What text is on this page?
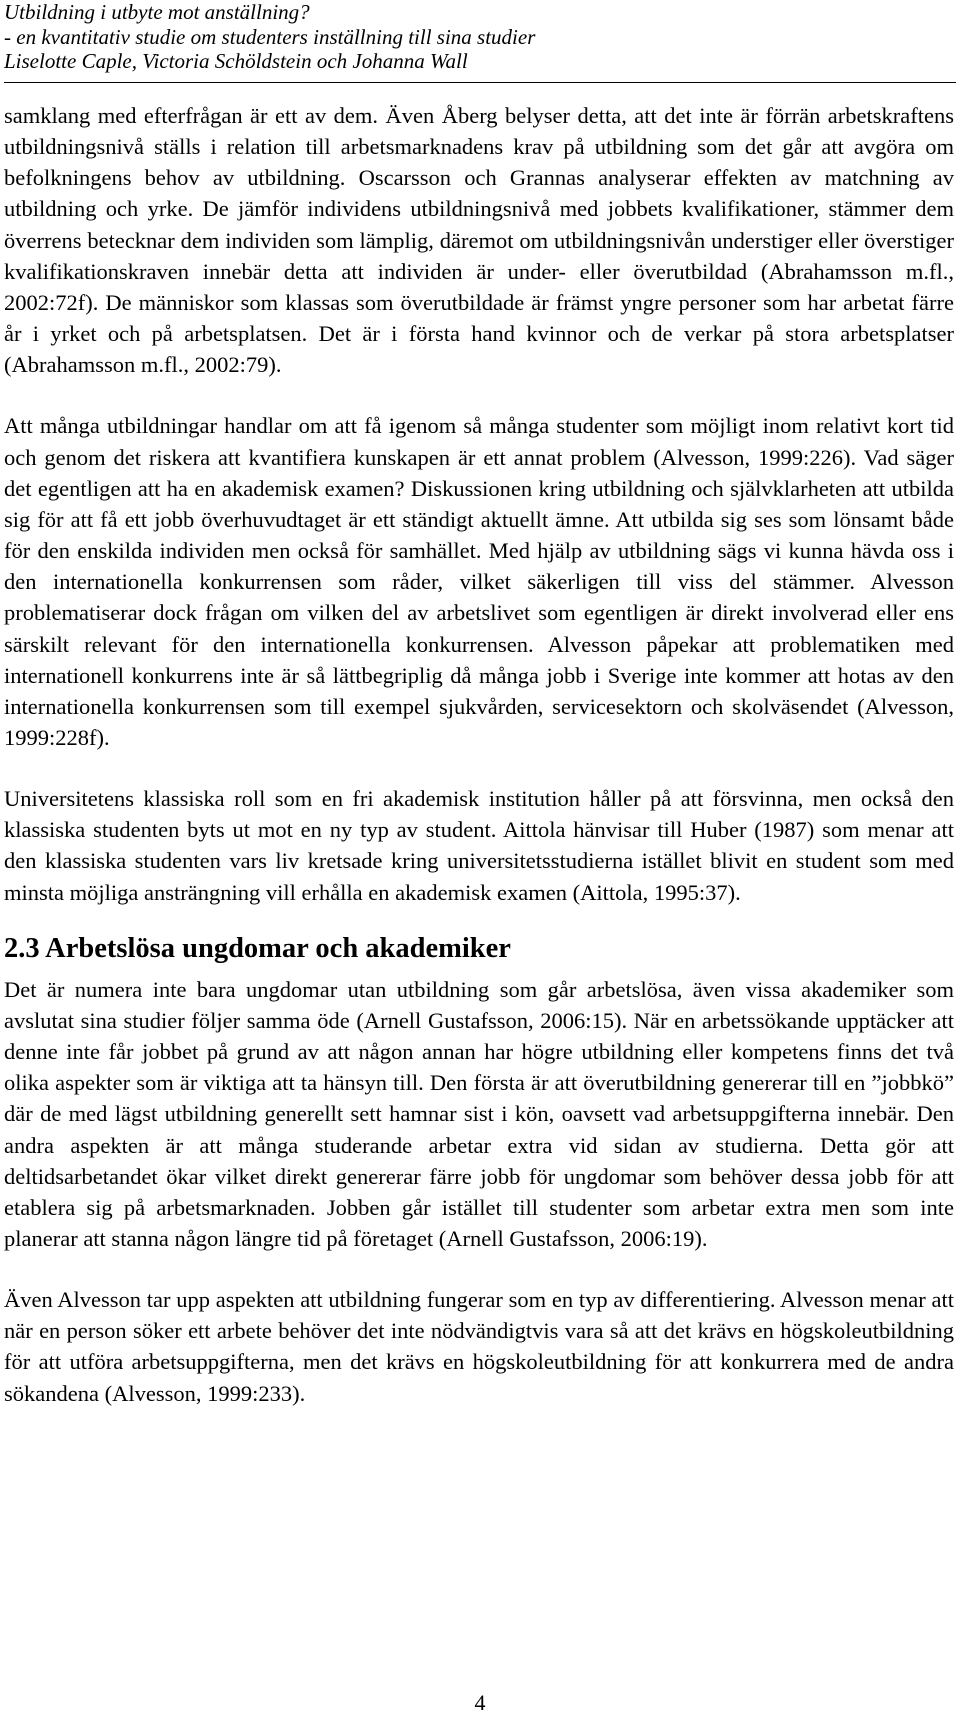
Utbildning i utbyte mot anställning?
- en kvantitativ studie om studenters inställning till sina studier
Liselotte Caple, Victoria Schöldstein och Johanna Wall

samklang med efterfrågan är ett av dem. Även Åberg belyser detta, att det inte är förrän arbetskraftens utbildningsnivå ställs i relation till arbetsmarknadens krav på utbildning som det går att avgöra om befolkningens behov av utbildning. Oscarsson och Grannas analyserar effekten av matchning av utbildning och yrke. De jämför individens utbildningsnivå med jobbets kvalifikationer, stämmer dem överrens betecknar dem individen som lämplig, däremot om utbildningsnivån understiger eller överstiger kvalifikationskraven innebär detta att individen är under- eller överutbildad (Abrahamsson m.fl., 2002:72f). De människor som klassas som överutbildade är främst yngre personer som har arbetat färre år i yrket och på arbetsplatsen. Det är i första hand kvinnor och de verkar på stora arbetsplatser (Abrahamsson m.fl., 2002:79).

Att många utbildningar handlar om att få igenom så många studenter som möjligt inom relativt kort tid och genom det riskera att kvantifiera kunskapen är ett annat problem (Alvesson, 1999:226). Vad säger det egentligen att ha en akademisk examen? Diskussionen kring utbildning och självklarheten att utbilda sig för att få ett jobb överhuvudtaget är ett ständigt aktuellt ämne. Att utbilda sig ses som lönsamt både för den enskilda individen men också för samhället. Med hjälp av utbildning sägs vi kunna hävda oss i den internationella konkurrensen som råder, vilket säkerligen till viss del stämmer. Alvesson problematiserar dock frågan om vilken del av arbetslivet som egentligen är direkt involverad eller ens särskilt relevant för den internationella konkurrensen. Alvesson påpekar att problematiken med internationell konkurrens inte är så lättbegriplig då många jobb i Sverige inte kommer att hotas av den internationella konkurrensen som till exempel sjukvården, servicesektorn och skolväsendet (Alvesson, 1999:228f).

Universitetens klassiska roll som en fri akademisk institution håller på att försvinna, men också den klassiska studenten byts ut mot en ny typ av student. Aittola hänvisar till Huber (1987) som menar att den klassiska studenten vars liv kretsade kring universitetsstudierna istället blivit en student som med minsta möjliga ansträngning vill erhålla en akademisk examen (Aittola, 1995:37).

2.3 Arbetslösa ungdomar och akademiker

Det är numera inte bara ungdomar utan utbildning som går arbetslösa, även vissa akademiker som avslutat sina studier följer samma öde (Arnell Gustafsson, 2006:15). När en arbetssökande upptäcker att denne inte får jobbet på grund av att någon annan har högre utbildning eller kompetens finns det två olika aspekter som är viktiga att ta hänsyn till. Den första är att överutbildning genererar till en ”jobbkö” där de med lägst utbildning generellt sett hamnar sist i kön, oavsett vad arbetsuppgifterna innebär. Den andra aspekten är att många studerande arbetar extra vid sidan av studierna. Detta gör att deltidsarbetandet ökar vilket direkt genererar färre jobb för ungdomar som behöver dessa jobb för att etablera sig på arbetsmarknaden. Jobben går istället till studenter som arbetar extra men som inte planerar att stanna någon längre tid på företaget (Arnell Gustafsson, 2006:19).

Även Alvesson tar upp aspekten att utbildning fungerar som en typ av differentiering. Alvesson menar att när en person söker ett arbete behöver det inte nödvändigtvis vara så att det krävs en högskoleutbildning för att utföra arbetsuppgifterna, men det krävs en högskoleutbildning för att konkurrera med de andra sökandena (Alvesson, 1999:233).

4
